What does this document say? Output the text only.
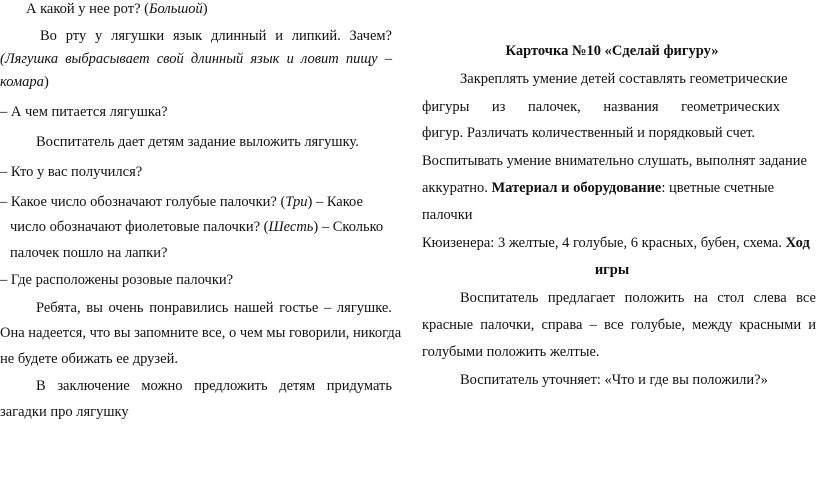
А какой у нее рот? (Большой)
Во рту у лягушки язык длинный и липкий. Зачем?
(Лягушка выбрасывает свой длинный язык и ловит пищу –
комара)
– А чем питается лягушка?
Воспитатель дает детям задание выложить лягушку.
– Кто у вас получился?
– Какое число обозначают голубые палочки? (Три) – Какое
число обозначают фиолетовые палочки? (Шесть) – Сколько
палочек пошло на лапки?
– Где расположены розовые палочки?
Ребята, вы очень понравились нашей гостье – лягушке.
Она надеется, что вы запомните все, о чем мы говорили, никогда
не будете обижать ее друзей.
В заключение можно предложить детям придумать
загадки про лягушку
Карточка №10 «Сделай фигуру»
Закреплять умение детей составлять геометрические
фигуры из палочек, названия геометрических
фигур. Различать количественный и порядковый счет.
Воспитывать умение внимательно слушать, выполнят задание
аккуратно. Материал и оборудование: цветные счетные
палочки
Кюизенера: 3 желтые, 4 голубые, 6 красных, бубен, схема. Ход
игры
Воспитатель предлагает положить на стол слева все
красные палочки, справа – все голубые, между красными и
голубыми положить желтые.
Воспитатель уточняет: «Что и где вы положили?»
